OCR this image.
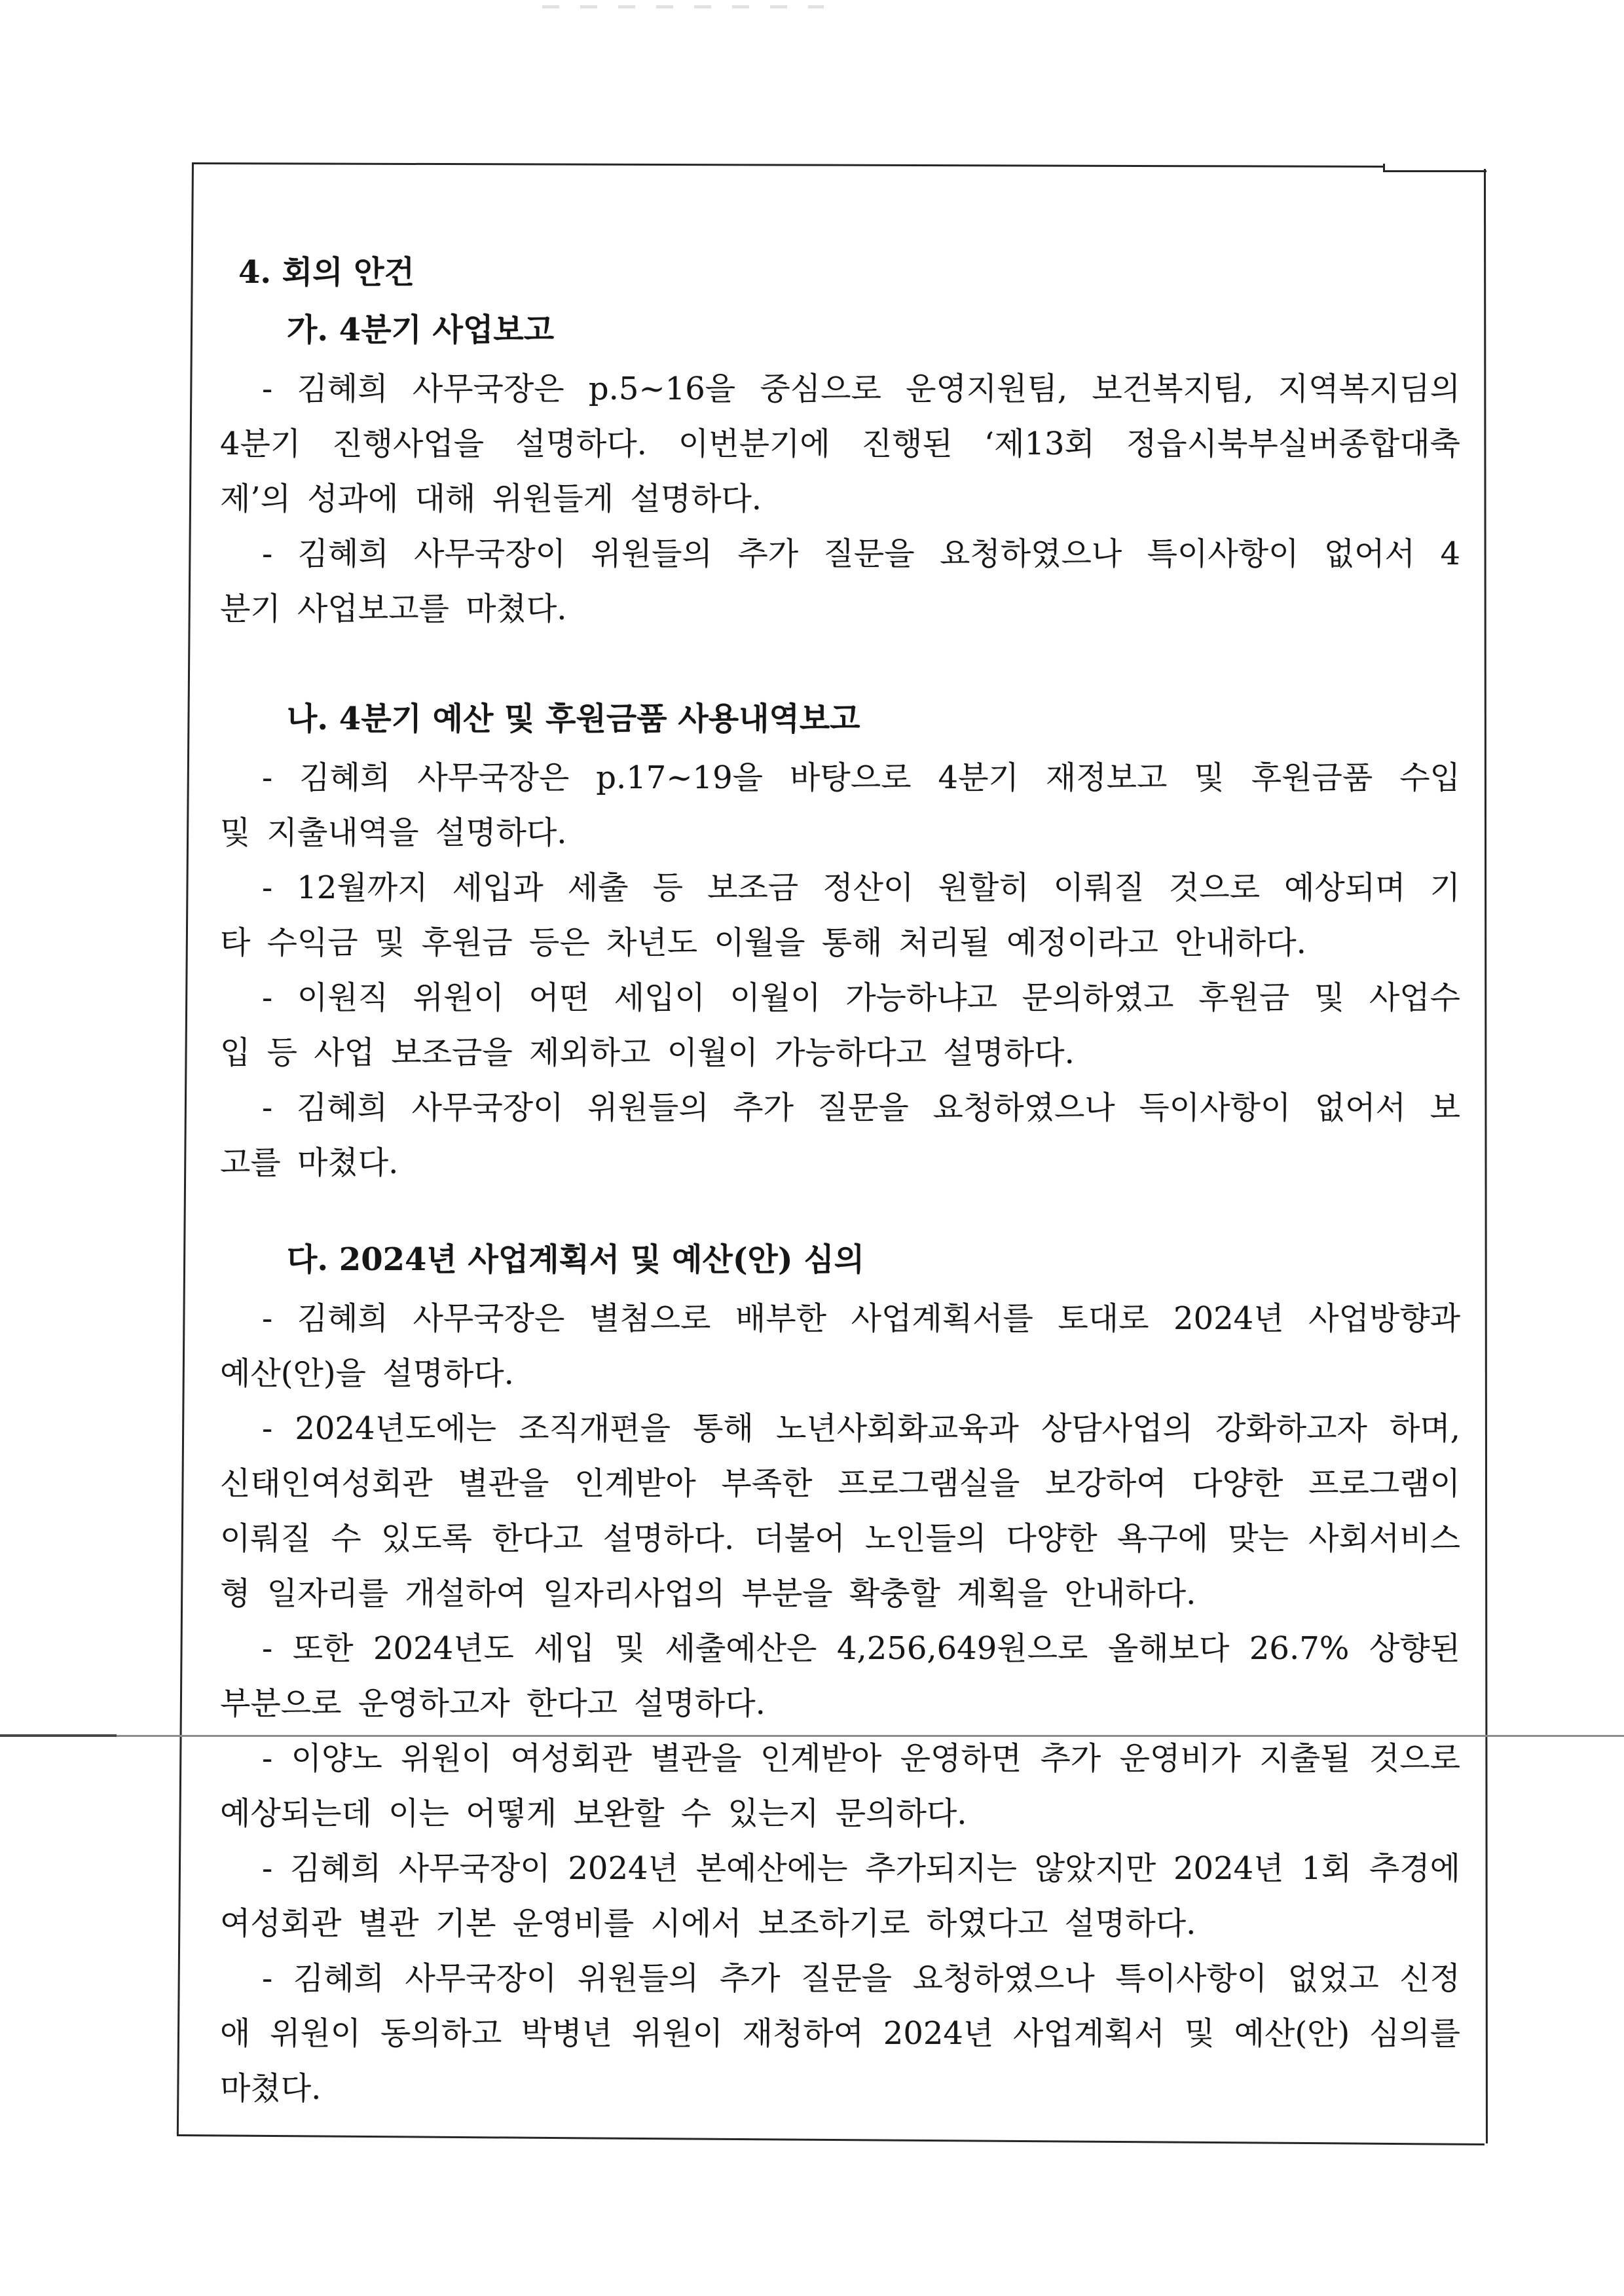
4. 회의 안건
가. 4분기 사업보고
- 김혜희 사무국장은 p.5~16을 중심으로 운영지원팀, 보건복지팀, 지역복지딤의
4분기 진행사업을 설명하다. 이번분기에 진행된 ‘제13회 정읍시북부실버종합대축
제’의 성과에 대해 위원들게 설명하다.
- 김혜희 사무국장이 위원들의 추가 질문을 요청하였으나 특이사항이 없어서 4
분기 사업보고를 마쳤다.
나. 4분기 예산 및 후원금품 사용내역보고
- 김혜희 사무국장은 p.17~19을 바탕으로 4분기 재정보고 및 후원금품 수입
및 지출내역을 설명하다.
- 12월까지 세입과 세출 등 보조금 정산이 원할히 이뤄질 것으로 예상되며 기
타 수익금 및 후원금 등은 차년도 이월을 통해 처리될 예정이라고 안내하다.
- 이원직 위원이 어떤 세입이 이월이 가능하냐고 문의하였고 후원금 및 사업수
입 등 사업 보조금을 제외하고 이월이 가능하다고 설명하다.
- 김혜희 사무국장이 위원들의 추가 질문을 요청하였으나 득이사항이 없어서 보
고를 마쳤다.
다. 2024년 사업계획서 및 예산(안) 심의
- 김혜희 사무국장은 별첨으로 배부한 사업계획서를 토대로 2024년 사업방향과
예산(안)을 설명하다.
- 2024년도에는 조직개편을 통해 노년사회화교육과 상담사업의 강화하고자 하며,
신태인여성회관 별관을 인계받아 부족한 프로그램실을 보강하여 다양한 프로그램이
이뤄질 수 있도록 한다고 설명하다. 더불어 노인들의 다양한 욕구에 맞는 사회서비스
형 일자리를 개설하여 일자리사업의 부분을 확충할 계획을 안내하다.
- 또한 2024년도 세입 및 세출예산은 4,256,649원으로 올해보다 26.7% 상향된
부분으로 운영하고자 한다고 설명하다.
- 이양노 위원이 여성회관 별관을 인계받아 운영하면 추가 운영비가 지출될 것으로
예상되는데 이는 어떻게 보완할 수 있는지 문의하다.
- 김혜희 사무국장이 2024년 본예산에는 추가되지는 않았지만 2024년 1회 추경에
여성회관 별관 기본 운영비를 시에서 보조하기로 하였다고 설명하다.
- 김혜희 사무국장이 위원들의 추가 질문을 요청하였으나 특이사항이 없었고 신정
애 위원이 동의하고 박병년 위원이 재청하여 2024년 사업계획서 및 예산(안) 심의를
마쳤다.
